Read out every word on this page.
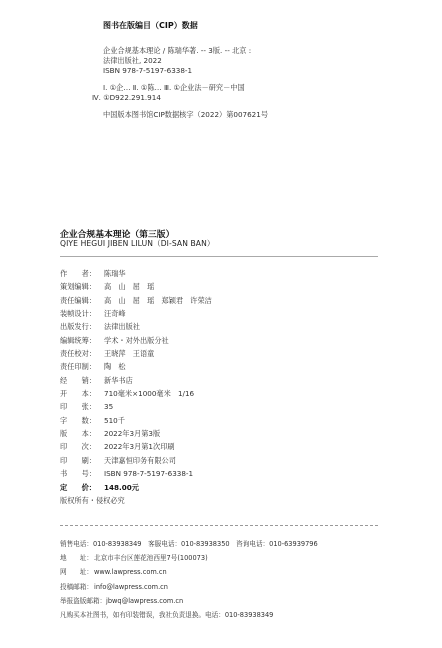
图书在版编目（CIP）数据
企业合规基本理论 / 陈瑞华著. -- 3版. -- 北京 :
法律出版社, 2022
ISBN 978-7-5197-6338-1
Ⅰ. ①企… Ⅱ. ①陈… Ⅲ. ①企业法－研究－中国
Ⅳ. ①D922.291.914
中国版本图书馆CIP数据核字（2022）第007621号
企业合规基本理论（第三版）
QIYE HEGUI JIBEN LILUN（DI-SAN BAN）
作　　者：	陈瑞华
策划编辑：	高　山　屈　瑶
责任编辑：	高　山　屈　瑶　郑颖君　许荣洁
装帧设计：	汪奇峰
出版发行：	法律出版社
编辑统筹：	学术・对外出版分社
责任校对：	王晓萍　王语童
责任印制：	陶　松
经　　销：	新华书店
开　　本：	710毫米×1000毫米　1/16
印　　张：	35
字　　数：	510千
版　　本：	2022年3月第3版
印　　次：	2022年3月第1次印刷
印　　刷：	天津嘉恒印务有限公司
书　　号：	ISBN 978-7-5197-6338-1
定　　价：	148.00元
版权所有・侵权必究
销售电话：010-83938349　客服电话：010-83938350　咨询电话：010-63939796
地　　址： 北京市丰台区莲花池西里7号(100073)
网　　址： www.lawpress.com.cn
投稿邮箱： info@lawpress.com.cn
举报盗版邮箱： jbwq@lawpress.com.cn
凡购买本社图书，如有印装错误，我社负责退换。电话：010-83938349
